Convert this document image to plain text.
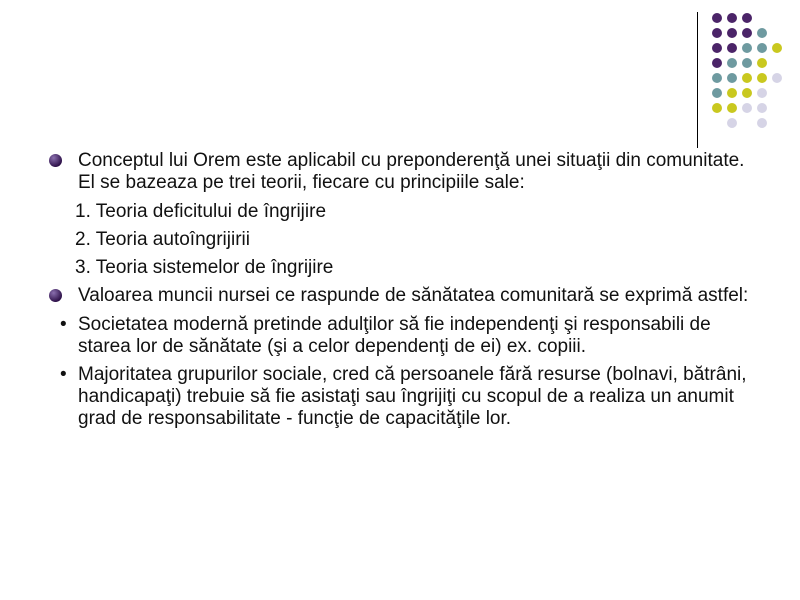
Conceptul lui Orem este aplicabil cu preponderenţă unei situaţii din comunitate. El se bazeaza pe trei teorii, fiecare cu principiile sale:
1. Teoria deficitului de îngrijire
2. Teoria autoîngrijirii
3. Teoria sistemelor de îngrijire
Valoarea muncii nursei ce raspunde de sănătatea comunitară se exprimă astfel:
• Societatea modernă pretinde adulţilor să fie independenţi şi responsabili de starea lor de sănătate (şi a celor dependenţi de ei) ex. copiii.
• Majoritatea grupurilor sociale, cred că persoanele fără resurse (bolnavi, bătrâni, handicapaţi) trebuie să fie asistaţi sau îngrijiţi cu scopul de a realiza un anumit grad de responsabilitate - funcţie de capacităţile lor.
